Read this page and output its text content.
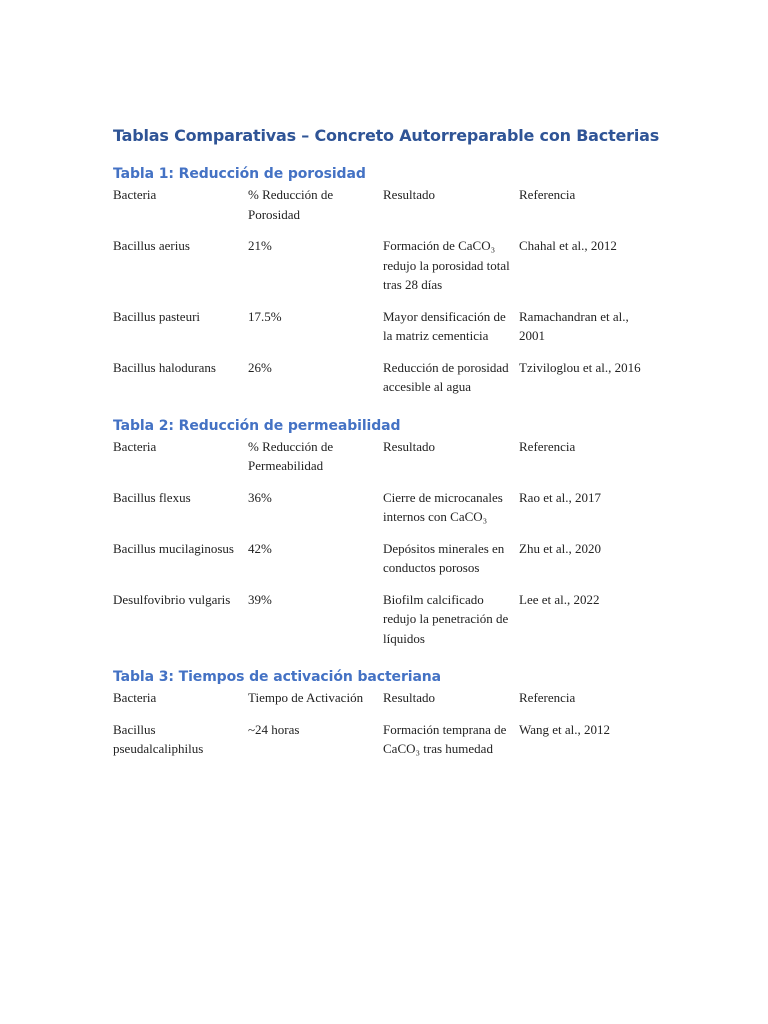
Tablas Comparativas – Concreto Autorreparable con Bacterias
Tabla 1: Reducción de porosidad
Bacteria	% Reducción de Porosidad	Resultado	Referencia
Bacillus aerius	21%	Formación de CaCO₃ redujo la porosidad total tras 28 días	Chahal et al., 2012
Bacillus pasteuri	17.5%	Mayor densificación de la matriz cementicia	Ramachandran et al., 2001
Bacillus halodurans	26%	Reducción de porosidad accesible al agua	Tziviloglou et al., 2016
Tabla 2: Reducción de permeabilidad
Bacteria	% Reducción de Permeabilidad	Resultado	Referencia
Bacillus flexus	36%	Cierre de microcanales internos con CaCO₃	Rao et al., 2017
Bacillus mucilaginosus	42%	Depósitos minerales en conductos porosos	Zhu et al., 2020
Desulfovibrio vulgaris	39%	Biofilm calcificado redujo la penetración de líquidos	Lee et al., 2022
Tabla 3: Tiempos de activación bacteriana
Bacteria	Tiempo de Activación	Resultado	Referencia
Bacillus pseudalcaliphilus	~24 horas	Formación temprana de CaCO₃ tras humedad	Wang et al., 2012
